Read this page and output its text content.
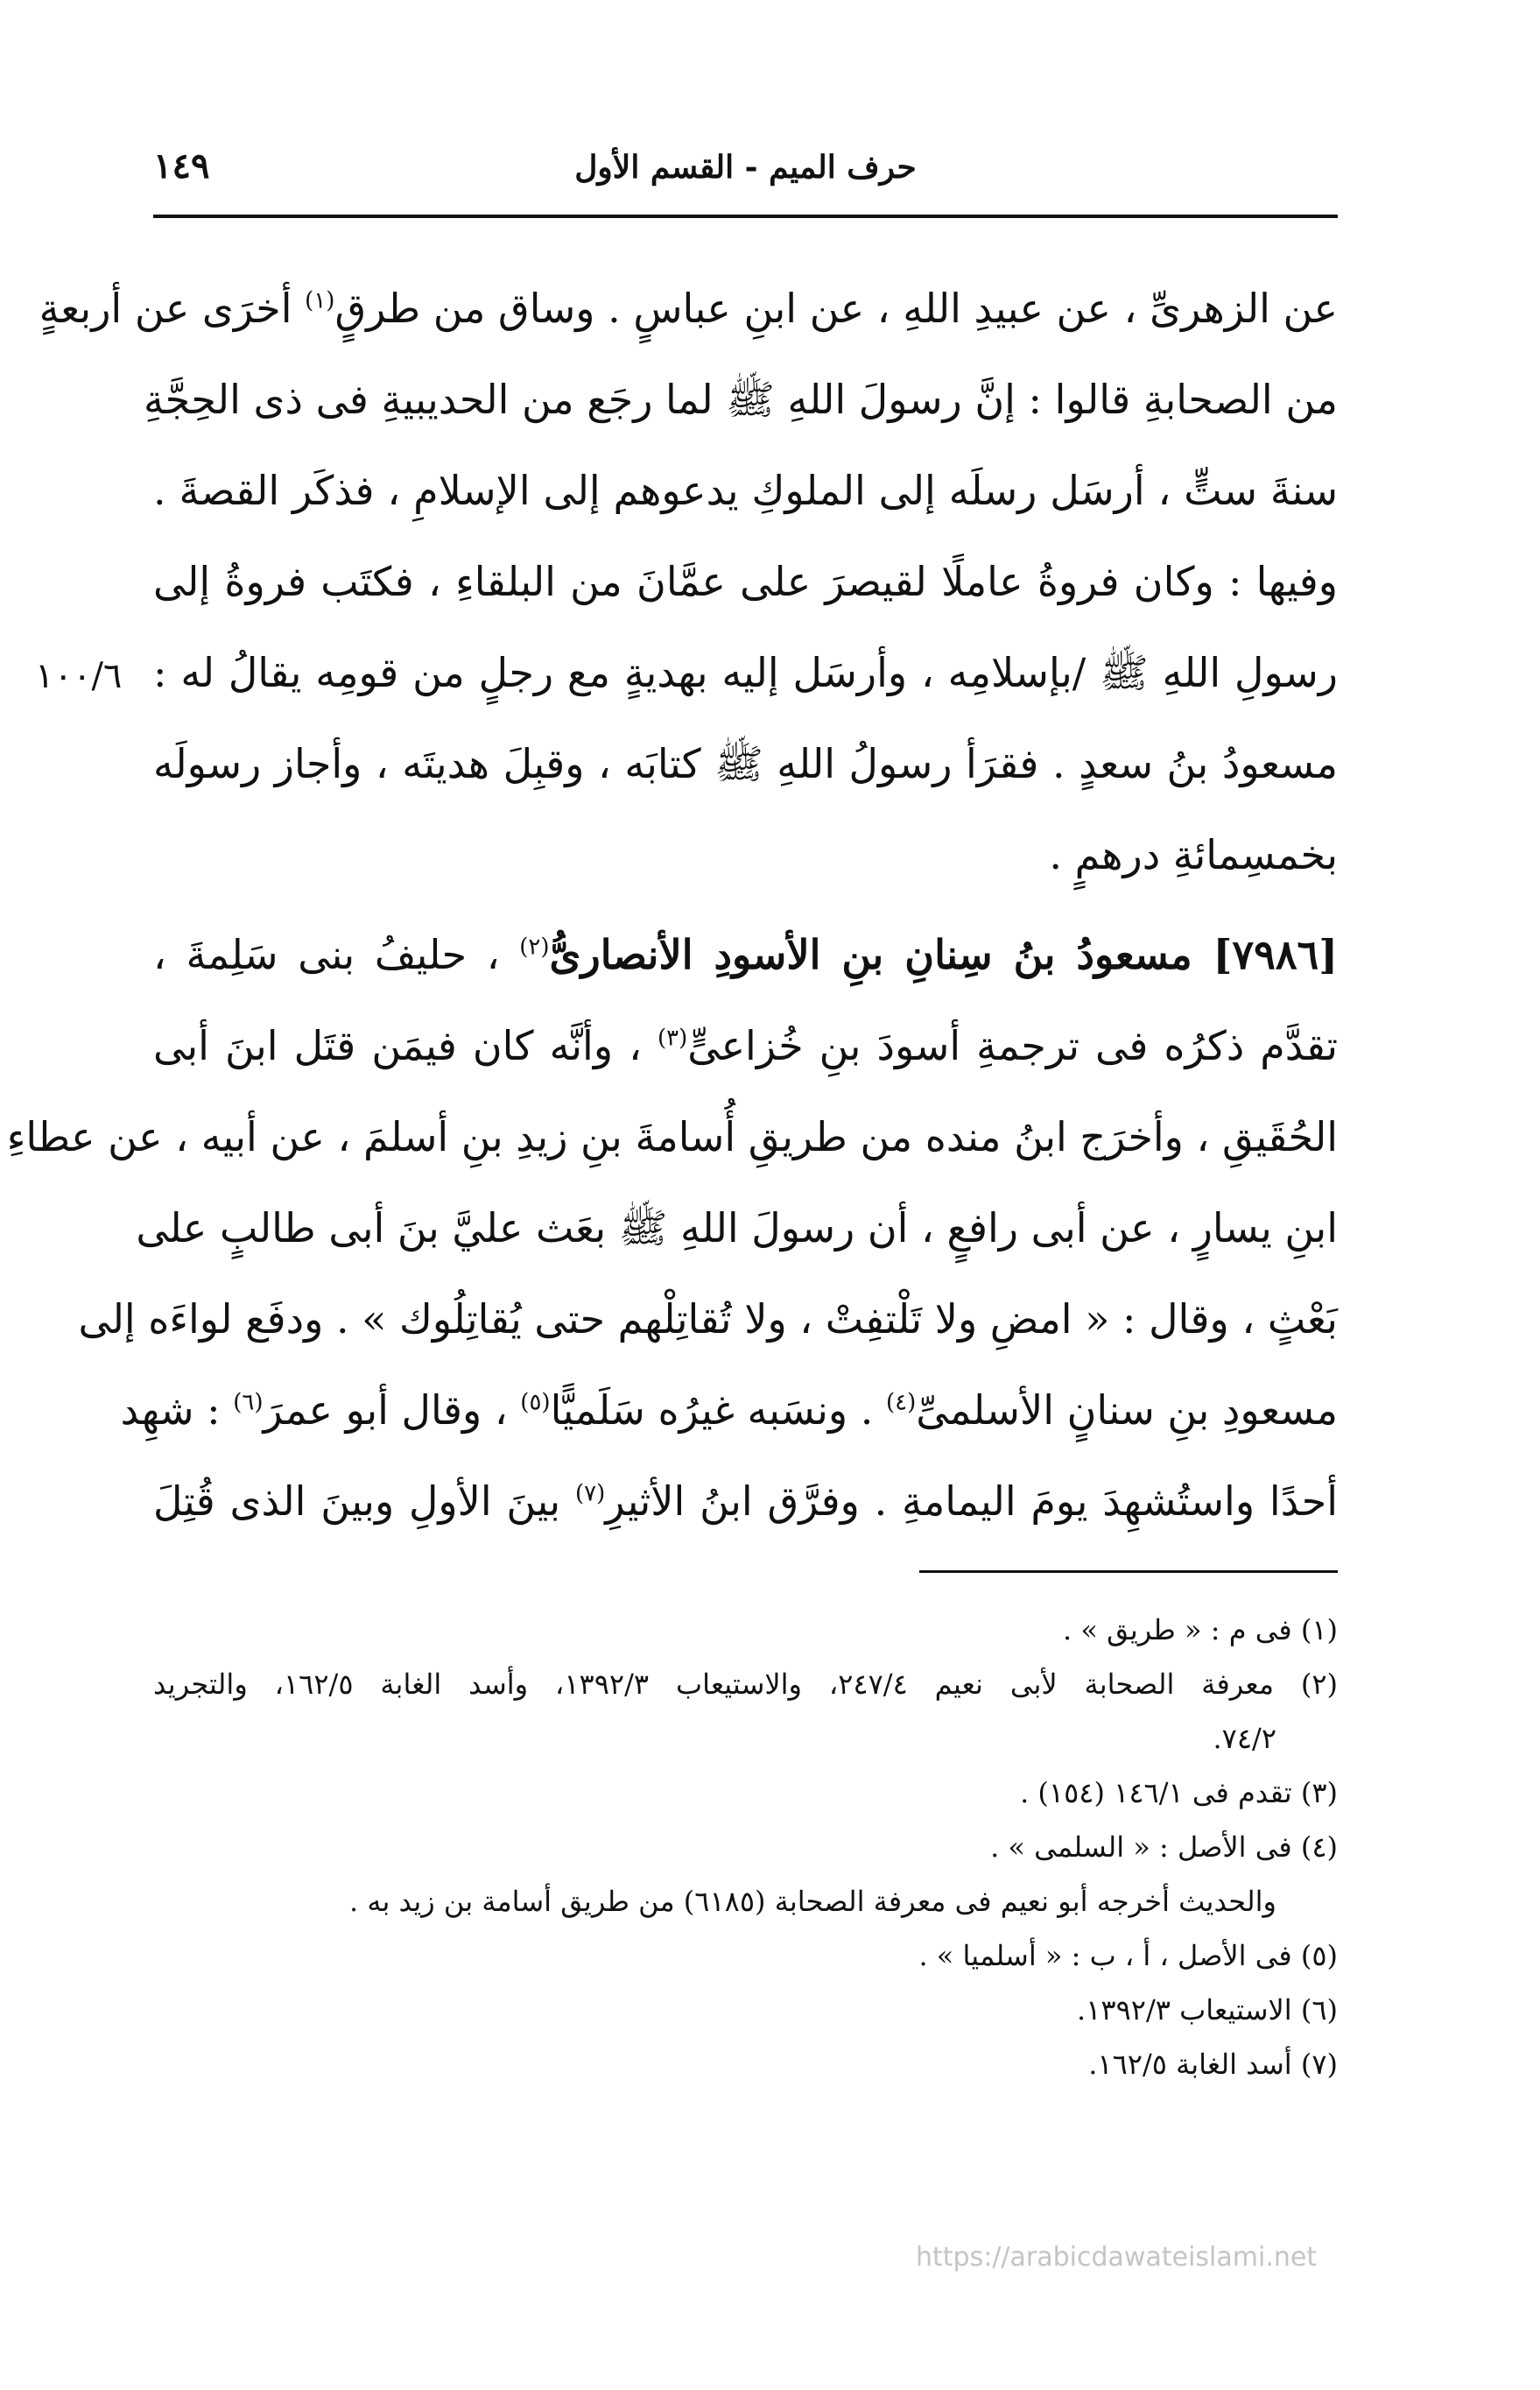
١٤٩	حرف الميم - القسم الأول
١٠٠/٦
عن الزهرىِّ ، عن عبيدِ اللهِ ، عن ابنِ عباسٍ . وساق من طرقٍ$^{(١)}$ أخرَى عن أربعةٍ
من الصحابةِ قالوا : إنَّ رسولَ اللهِ ﷺ لما رجَع من الحديبيةِ فى ذى الحِجَّةِ
سنةَ ستٍّ ، أرسَل رسلَه إلى الملوكِ يدعوهم إلى الإسلامِ ، فذكَر القصةَ .
وفيها : وكان فروةُ عاملًا لقيصرَ على عمَّانَ من البلقاءِ ، فكتَب فروةُ إلى
رسولِ اللهِ ﷺ /بإسلامِه ، وأرسَل إليه بهديةٍ مع رجلٍ من قومِه يقالُ له :
مسعودُ بنُ سعدٍ . فقرَأ رسولُ اللهِ ﷺ كتابَه ، وقبِلَ هديتَه ، وأجاز رسولَه
بخمسِمائةِ درهمٍ .
[٧٩٨٦] مسعودُ بنُ سِنانِ بنِ الأسودِ الأنصارىُّ$^{(٢)}$ ، حليفُ بنى سَلِمةَ ،
تقدَّم ذكرُه فى ترجمةِ أسودَ بنِ خُزاعىٍّ$^{(٣)}$ ، وأنَّه كان فيمَن قتَل ابنَ أبى
الحُقَيقِ ، وأخرَج ابنُ منده من طريقِ أُسامةَ بنِ زيدِ بنِ أسلمَ ، عن أبيه ، عن عطاءِ
ابنِ يسارٍ ، عن أبى رافعٍ ، أن رسولَ اللهِ ﷺ بعَث عليَّ بنَ أبى طالبٍ على
بَعْثٍ ، وقال : « امضِ ولا تَلْتفِتْ ، ولا تُقاتِلْهم حتى يُقاتِلُوك » . ودفَع لواءَه إلى
مسعودِ بنِ سنانٍ الأسلمىِّ$^{(٤)}$ . ونسَبه غيرُه سَلَميًّا$^{(٥)}$ ، وقال أبو عمرَ$^{(٦)}$ : شهِد
أحدًا واستُشهِدَ يومَ اليمامةِ . وفرَّق ابنُ الأثيرِ$^{(٧)}$ بينَ الأولِ وبينَ الذى قُتِلَ
(١) فى م : « طريق » .
(٢) معرفة الصحابة لأبى نعيم ٢٤٧/٤، والاستيعاب ١٣٩٢/٣، وأسد الغابة ١٦٢/٥، والتجريد
٧٤/٢.
(٣) تقدم فى ١٤٦/١ (١٥٤) .
(٤) فى الأصل : « السلمى » .
والحديث أخرجه أبو نعيم فى معرفة الصحابة (٦١٨٥) من طريق أسامة بن زيد به .
(٥) فى الأصل ، أ ، ب : « أسلميا » .
(٦) الاستيعاب ١٣٩٢/٣.
(٧) أسد الغابة ١٦٢/٥.
https://arabicdawateislami.net
